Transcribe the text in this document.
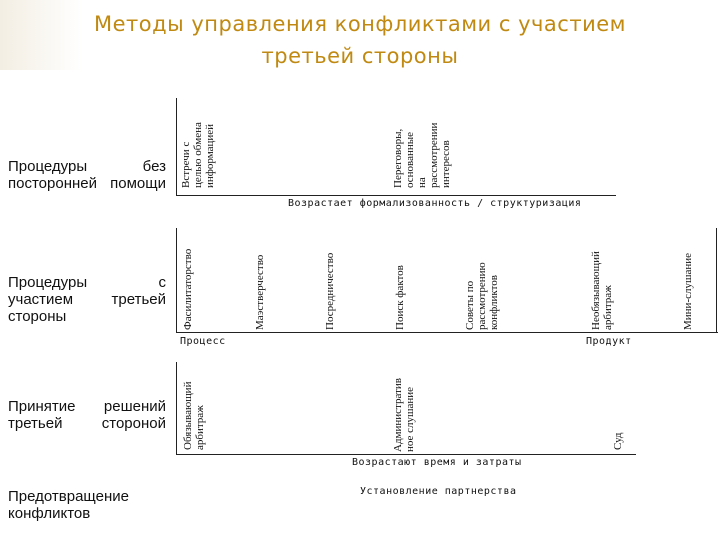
Методы управления конфликтами с участием
третьей стороны
Процедуры без посторонней помощи
Процедуры с участием третьей стороны
Принятие решений третьей стороной
Предотвращение конфликтов
Встречи с
целью обмена
информацией	Переговоры,
основанные
на
рассмотрении
интересов
Возрастает формализованность / структуризация
Фасилитаторство	Маэстверчество	Посредничество	Поиск фактов	Советы по
рассмотрению
конфликтов	Необязывающий
арбитраж	Мини-слушание
Процесс	Продукт
Обязывающий
арбитраж	Административ
ное слушание
Суд
Возрастают время и затраты
Установление партнерства
